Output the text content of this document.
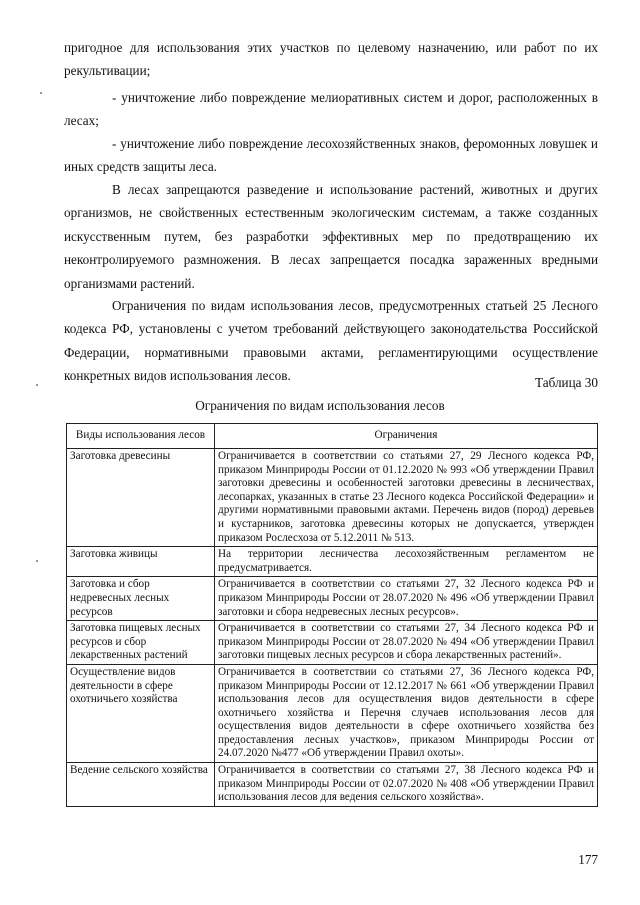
пригодное для использования этих участков по целевому назначению, или работ по их рекультивации;

- уничтожение либо повреждение мелиоративных систем и дорог, расположенных в лесах;

- уничтожение либо повреждение лесохозяйственных знаков, феромонных ловушек и иных средств защиты леса.

В лесах запрещаются разведение и использование растений, животных и других организмов, не свойственных естественным экологическим системам, а также созданных искусственным путем, без разработки эффективных мер по предотвращению их неконтролируемого размножения. В лесах запрещается посадка зараженных вредными организмами растений.

Ограничения по видам использования лесов, предусмотренных статьей 25 Лесного кодекса РФ, установлены с учетом требований действующего законодательства Российской Федерации, нормативными правовыми актами, регламентирующими осуществление конкретных видов использования лесов.	Таблица 30
Ограничения по видам использования лесов
Виды использования лесов	Ограничения
Заготовка древесины	Ограничивается в соответствии со статьями 27, 29 Лесного кодекса РФ, приказом Минприроды России от 01.12.2020 № 993 «Об утверждении Правил заготовки древесины и особенностей заготовки древесины в лесничествах, лесопарках, указанных в статье 23 Лесного кодекса Российской Федерации» и другими нормативными правовыми актами. Перечень видов (пород) деревьев и кустарников, заготовка древесины которых не допускается, утвержден приказом Рослесхоза от 5.12.2011 № 513.
Заготовка живицы	На территории лесничества лесохозяйственным регламентом не предусматривается.
Заготовка и сбор недревесных лесных ресурсов	Ограничивается в соответствии со статьями 27, 32 Лесного кодекса РФ и приказом Минприроды России от 28.07.2020 № 496 «Об утверждении Правил заготовки и сбора недревесных лесных ресурсов».
Заготовка пищевых лесных ресурсов и сбор лекарственных растений	Ограничивается в соответствии со статьями 27, 34 Лесного кодекса РФ и приказом Минприроды России от 28.07.2020 № 494 «Об утверждении Правил заготовки пищевых лесных ресурсов и сбора лекарственных растений».
Осуществление видов деятельности в сфере охотничьего хозяйства	Ограничивается в соответствии со статьями 27, 36 Лесного кодекса РФ, приказом Минприроды России от 12.12.2017 № 661 «Об утверждении Правил использования лесов для осуществления видов деятельности в сфере охотничьего хозяйства и Перечня случаев использования лесов для осуществления видов деятельности в сфере охотничьего хозяйства без предоставления лесных участков», приказом Минприроды России от 24.07.2020 №477 «Об утверждении Правил охоты».
Ведение сельского хозяйства	Ограничивается в соответствии со статьями 27, 38 Лесного кодекса РФ и приказом Минприроды России от 02.07.2020 № 408 «Об утверждении Правил использования лесов для ведения сельского хозяйства».
177
